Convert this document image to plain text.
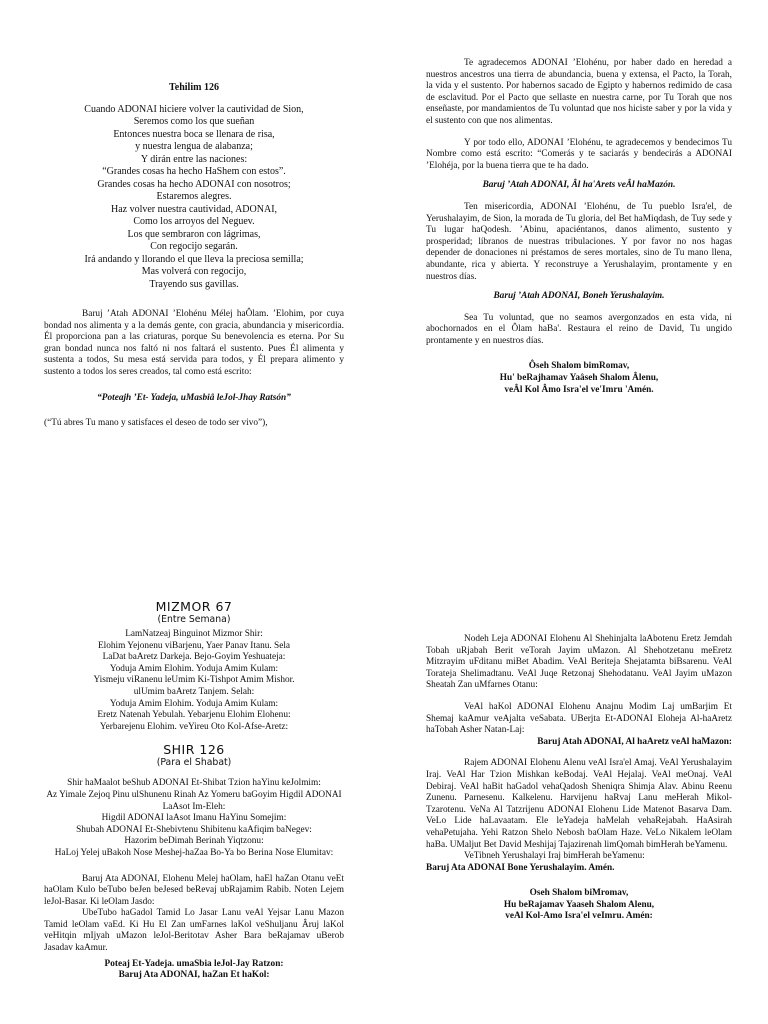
Tehilim 126

Cuando ADONAI hiciere volver la cautividad de Sion,

Seremos como los que sueñan

Entonces nuestra boca se llenara de risa,

y nuestra lengua de alabanza;

Y dirán entre las naciones:

“Grandes cosas ha hecho HaShem con estos”.

Grandes cosas ha hecho ADONAI con nosotros;

Estaremos alegres.

Haz volver nuestra cautividad, ADONAI,

Como los arroyos del Neguev.

Los que sembraron con lágrimas,

Con regocijo segarán.

Irá andando y llorando el que lleva la preciosa semilla;

Mas volverá con regocijo,

Trayendo sus gavillas.

Baruj ʼAtah ADONAI ʼElohénu Mélej haÔlam. ʼElohim, por cuya bondad nos alimenta y a la demás gente, con gracia, abundancia y misericordia. Él proporciona pan a las criaturas, porque Su benevolencia es eterna. Por Su gran bondad nunca nos faltó ni nos faltará el sustento. Pues Él alimenta y sustenta a todos, Su mesa está servida para todos, y Él prepara alimento y sustento a todos los seres creados, tal como está escrito:

“Poteajh ʼEt- Yadeja, uMasbiâ leJol-Jhay Ratsón”

(“Tú abres Tu mano y satisfaces el deseo de todo ser vivo”),

Te agradecemos ADONAI ʼElohénu, por haber dado en heredad a nuestros ancestros una tierra de abundancia, buena y extensa, el Pacto, la Torah, la vida y el sustento. Por habernos sacado de Egipto y habernos redimido de casa de esclavitud. Por el Pacto que sellaste en nuestra carne, por Tu Torah que nos enseñaste, por mandamientos de Tu voluntad que nos hiciste saber y por la vida y el sustento con que nos alimentas.

Y por todo ello, ADONAI ʼElohénu, te agradecemos y bendecimos Tu Nombre como está escrito: “Comerás y te saciarás y bendecirás a ADONAI ʼElohéja, por la buena tierra que te ha dado.

Baruj ʼAtah ADONAI, Âl ha'Arets veÂl haMazón.

Ten misericordia, ADONAI ʼElohénu, de Tu pueblo Isra'el, de Yerushalayim, de Sion, la morada de Tu gloria, del Bet haMiqdash, de Tuy sede y Tu lugar haQodesh. ʼAbinu, apaciéntanos, danos alimento, sustento y prosperidad; líbranos de nuestras tribulaciones. Y por favor no nos hagas depender de donaciones ni préstamos de seres mortales, sino de Tu mano llena, abundante, rica y abierta. Y reconstruye a Yerushalayim, prontamente y en nuestros días.

Baruj ʼAtah ADONAI, Boneh Yerushalayim.

Sea Tu voluntad, que no seamos avergonzados en esta vida, ni abochornados en el Ôlam haBa'. Restaura el reino de David, Tu ungido prontamente y en nuestros días.

Ôseh Shalom bimRomav,

Hu' beRajhamav Yaâseh Shalom Âlenu,

veÂl Kol Âmo Isra'el ve'Imru 'Amén.

MIZMOR 67

(Entre Semana)

LamNatzeaj Binguinot Mizmor Shir:

Elohim Yejonenu viBarjenu, Yaer Panav Itanu. Sela

LaDat baAretz Darkeja. Bejo-Goyim Yeshuateja:

Yoduja Amim Elohim. Yoduja Amim Kulam:

Yismeju viRanenu leUmim Ki-Tishpot Amim Mishor.

ulUmim baAretz Tanjem. Selah:

Yoduja Amim Elohim. Yoduja Amim Kulam:

Eretz Natenah Yebulah. Yebarjenu Elohim Elohenu:

Yerbarejenu Elohim. veYireu Oto Kol-Afse-Aretz:

SHIR 126

(Para el Shabat)

Shir haMaalot beShub ADONAI Et-Shibat Tzion haYinu keJolmim:

Az Yimale Zejoq Pinu ulShunenu Rinah Az Yomeru baGoyim Higdil ADONAI LaAsot Im-Eleh:

Higdil ADONAI laAsot Imanu HaYinu Somejim:

Shubah ADONAI Et-Shebivtenu Shibitenu kaAfiqim baNegev:

Hazorim beDimah Berinah Yiqtzonu:

HaLoj Yelej uBakoh Nose Meshej-haZaa Bo-Ya bo Berina Nose Elumitav:

Baruj Ata ADONAI, Elohenu Melej haOlam, haEl haZan Otanu veEt haOlam Kulo beTubo beJen beJesed beRevaj ubRajamim Rabib. Noten Lejem leJol-Basar. Ki leOlam Jasdo:

UbeTubo haGadol Tamid Lo Jasar Lanu veAl Yejsar Lanu Mazon Tamid leOlam vaEd. Ki Hu El Zan umFarnes laKol veShuljanu Âruj laKol veHitqin mIjyah uMazon leJol-Beritotav Asher Bara beRajamav uBerob Jasadav kaAmur.

Poteaj Et-Yadeja. umaSbia leJol-Jay Ratzon:

Baruj Ata ADONAI, haZan Et haKol:

Nodeh Leja ADONAI Elohenu Al Shehinjalta laAbotenu Eretz Jemdah Tobah uRjabah Berit veTorah Jayim uMazon. Al Shehotzetanu meEretz Mitzrayim uFditanu miBet Abadim. VeAl Beriteja Shejatamta biBsarenu. VeAl Torateja Shelimadtanu. VeAl Juqe Retzonaj Shehodatanu. VeAl Jayim uMazon Sheatah Zan uMfarnes Otanu:

VeAl haKol ADONAI Elohenu Anajnu Modim Laj umBarjim Et Shemaj kaAmur veAjalta veSabata. UBerjta Et-ADONAI Eloheja Al-haAretz haTobah Asher Natan-Laj:

Baruj Atah ADONAI, Al haAretz veAl haMazon:

Rajem ADONAI Elohenu Alenu veAl Isra'el Amaj. VeAl Yerushalayim Iraj. VeAl Har Tzion Mishkan keBodaj. VeAl Hejalaj. VeAl meOnaj. VeAl Debiraj. VeAl haBit haGadol vehaQadosh Sheniqra Shimja Alav. Abinu Reenu Zunenu. Parnesenu. Kalkelenu. Harvijenu haRvaj Lanu meHerah Mikol-Tzarotenu. VeNa Al Tatzrijenu ADONAI Elohenu Lide Matenot Basarva Dam. VeLo Lide haLavaatam. Ele leYadeja haMelah vehaRejabah. HaAsirah vehaPetujaha. Yehi Ratzon Shelo Nebosh baOlam Haze. VeLo Nikalem leOlam haBa. UMaljut Bet David Meshijaj Tajazirenah limQomah bimHerah beYamenu.

VeTibneh Yerushalayi Iraj bimHerah beYamenu:

Baruj Ata ADONAI Bone Yerushalayim. Amén.

Oseh Shalom biMromav,

Hu beRajamav Yaaseh Shalom Alenu,

veAl Kol-Amo Isra'el veImru. Amén:
